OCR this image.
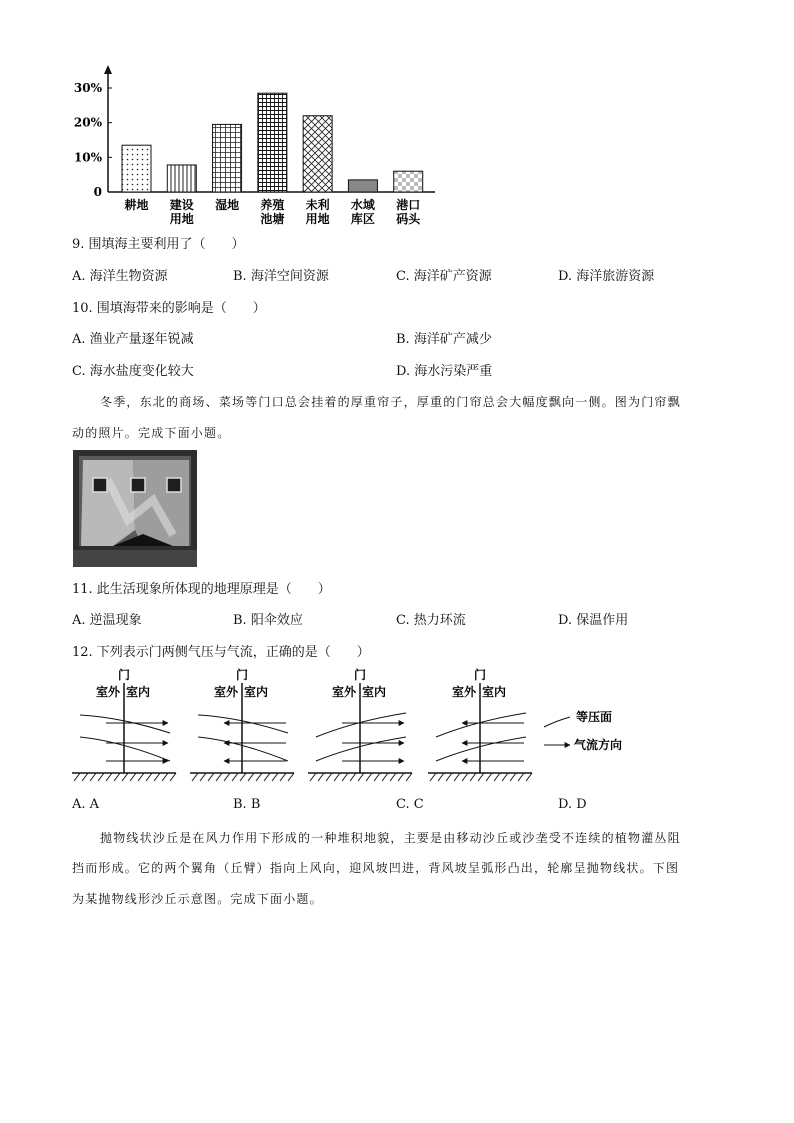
30%
20%
10%
0
耕地 建设
用地
湿地 养殖
池塘
未利
用地
水域
库区
港口
码头
9. 围填海主要利用了（　　）
A. 海洋生物资源	B. 海洋空间资源	C. 海洋矿产资源	D. 海洋旅游资源
10. 围填海带来的影响是（　　）
A. 渔业产量逐年锐减	B. 海洋矿产减少
C. 海水盐度变化较大	D. 海水污染严重
冬季，东北的商场、菜场等门口总会挂着的厚重帘子，厚重的门帘总会大幅度飘向一侧。图为门帘飘
动的照片。完成下面小题。
11. 此生活现象所体现的地理原理是（　　）
A. 逆温现象	B. 阳伞效应	C. 热力环流	D. 保温作用
12. 下列表示门两侧气压与气流，正确的是（　　）
门
室外 室内
门
室外 室内
门
室外 室内
门
室外 室内
等压面
气流方向
A. A	B. B	C. C	D. D
抛物线状沙丘是在风力作用下形成的一种堆积地貌，主要是由移动沙丘或沙垄受不连续的植物灌丛阻
挡而形成。它的两个翼角（丘臂）指向上风向，迎风坡凹进，背风坡呈弧形凸出，轮廓呈抛物线状。下图
为某抛物线形沙丘示意图。完成下面小题。
